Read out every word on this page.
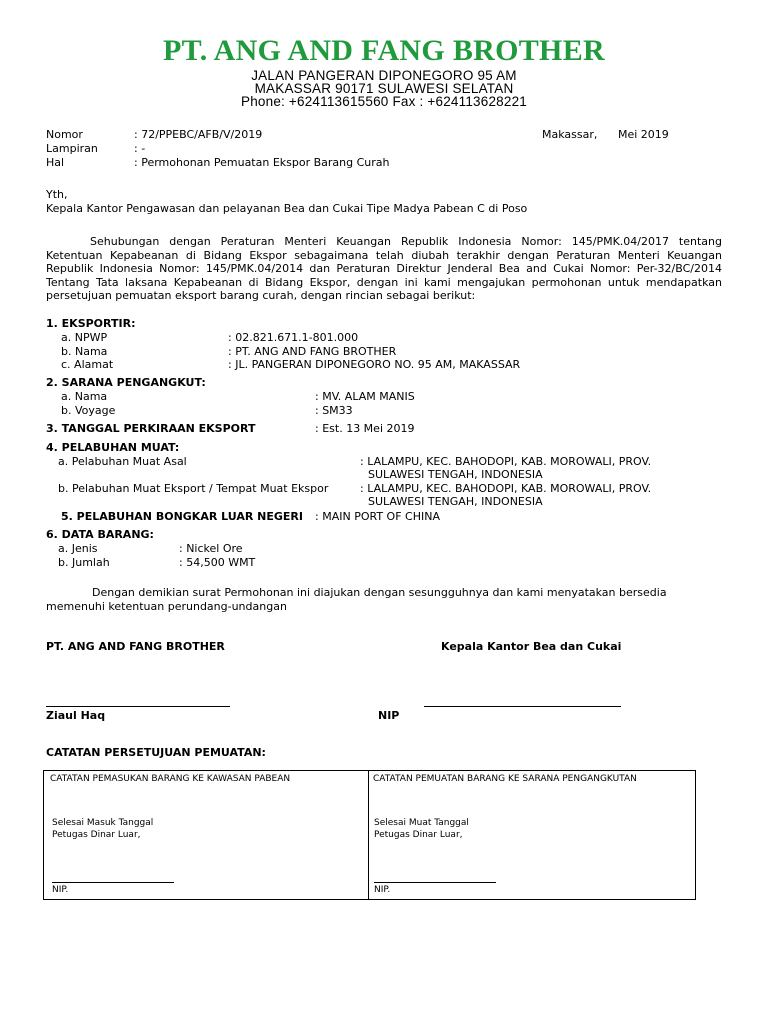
PT. ANG AND FANG BROTHER
JALAN PANGERAN DIPONEGORO 95 AM
MAKASSAR 90171 SULAWESI SELATAN
Phone: +624113615560 Fax : +624113628221
Nomor	: 72/PPEBC/AFB/V/2019	Makassar, Mei 2019
Lampiran	: -
Hal	: Permohonan Pemuatan Ekspor Barang Curah
Yth,
Kepala Kantor Pengawasan dan pelayanan Bea dan Cukai Tipe Madya Pabean C di Poso
Sehubungan dengan Peraturan Menteri Keuangan Republik Indonesia Nomor: 145/PMK.04/2017 tentang
Ketentuan Kepabeanan di Bidang Ekspor sebagaimana telah diubah terakhir dengan Peraturan Menteri Keuangan
Republik Indonesia Nomor: 145/PMK.04/2014 dan Peraturan Direktur Jenderal Bea and Cukai Nomor: Per-32/BC/2014
Tentang Tata laksana Kepabeanan di Bidang Ekspor, dengan ini kami mengajukan permohonan untuk mendapatkan
persetujuan pemuatan eksport barang curah, dengan rincian sebagai berikut:
1. EKSPORTIR:
a. NPWP	: 02.821.671.1-801.000
b. Nama	: PT. ANG AND FANG BROTHER
c. Alamat	: JL. PANGERAN DIPONEGORO NO. 95 AM, MAKASSAR
2. SARANA PENGANGKUT:
a. Nama	: MV. ALAM MANIS
b. Voyage	: SM33
3. TANGGAL PERKIRAAN EKSPORT	: Est. 13 Mei 2019
4. PELABUHAN MUAT:
a. Pelabuhan Muat Asal	: LALAMPU, KEC. BAHODOPI, KAB. MOROWALI, PROV.
SULAWESI TENGAH, INDONESIA
b. Pelabuhan Muat Eksport / Tempat Muat Ekspor	: LALAMPU, KEC. BAHODOPI, KAB. MOROWALI, PROV.
SULAWESI TENGAH, INDONESIA
5. PELABUHAN BONGKAR LUAR NEGERI : MAIN PORT OF CHINA
6. DATA BARANG:
a. Jenis	: Nickel Ore
b. Jumlah	: 54,500 WMT
Dengan demikian surat Permohonan ini diajukan dengan sesungguhnya dan kami menyatakan bersedia
memenuhi ketentuan perundang-undangan
PT. ANG AND FANG BROTHER	Kepala Kantor Bea dan Cukai
Ziaul Haq	NIP
CATATAN PERSETUJUAN PEMUATAN:
CATATAN PEMASUKAN BARANG KE KAWASAN PABEAN
Selesai Masuk Tanggal
Petugas Dinar Luar,
NIP.
CATATAN PEMUATAN BARANG KE SARANA PENGANGKUTAN
Selesai Muat Tanggal
Petugas Dinar Luar,
NIP.
